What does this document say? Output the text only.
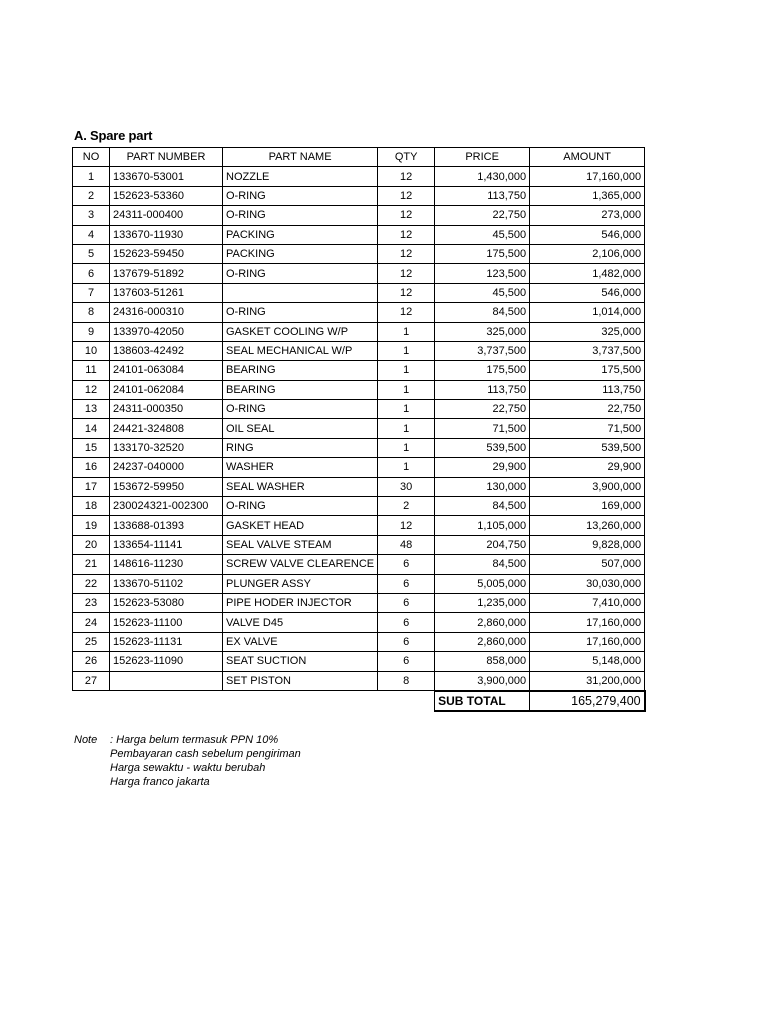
A. Spare part
NO	PART NUMBER	PART NAME	QTY	PRICE	AMOUNT
1	133670-53001	NOZZLE	12	1,430,000	17,160,000
2	152623-53360	O-RING	12	113,750	1,365,000
3	24311-000400	O-RING	12	22,750	273,000
4	133670-11930	PACKING	12	45,500	546,000
5	152623-59450	PACKING	12	175,500	2,106,000
6	137679-51892	O-RING	12	123,500	1,482,000
7	137603-51261		12	45,500	546,000
8	24316-000310	O-RING	12	84,500	1,014,000
9	133970-42050	GASKET COOLING W/P	1	325,000	325,000
10	138603-42492	SEAL MECHANICAL W/P	1	3,737,500	3,737,500
11	24101-063084	BEARING	1	175,500	175,500
12	24101-062084	BEARING	1	113,750	113,750
13	24311-000350	O-RING	1	22,750	22,750
14	24421-324808	OIL SEAL	1	71,500	71,500
15	133170-32520	RING	1	539,500	539,500
16	24237-040000	WASHER	1	29,900	29,900
17	153672-59950	SEAL WASHER	30	130,000	3,900,000
18	230024321-002300	O-RING	2	84,500	169,000
19	133688-01393	GASKET HEAD	12	1,105,000	13,260,000
20	133654-11141	SEAL VALVE STEAM	48	204,750	9,828,000
21	148616-11230	SCREW VALVE CLEARENCE	6	84,500	507,000
22	133670-51102	PLUNGER ASSY	6	5,005,000	30,030,000
23	152623-53080	PIPE HODER INJECTOR	6	1,235,000	7,410,000
24	152623-11100	VALVE D45	6	2,860,000	17,160,000
25	152623-11131	EX VALVE	6	2,860,000	17,160,000
26	152623-11090	SEAT SUCTION	6	858,000	5,148,000
27		SET PISTON	8	3,900,000	31,200,000
				SUB TOTAL	165,279,400
Note	: Harga belum termasuk PPN 10%
Pembayaran cash sebelum pengiriman
Harga sewaktu - waktu berubah
Harga franco jakarta
